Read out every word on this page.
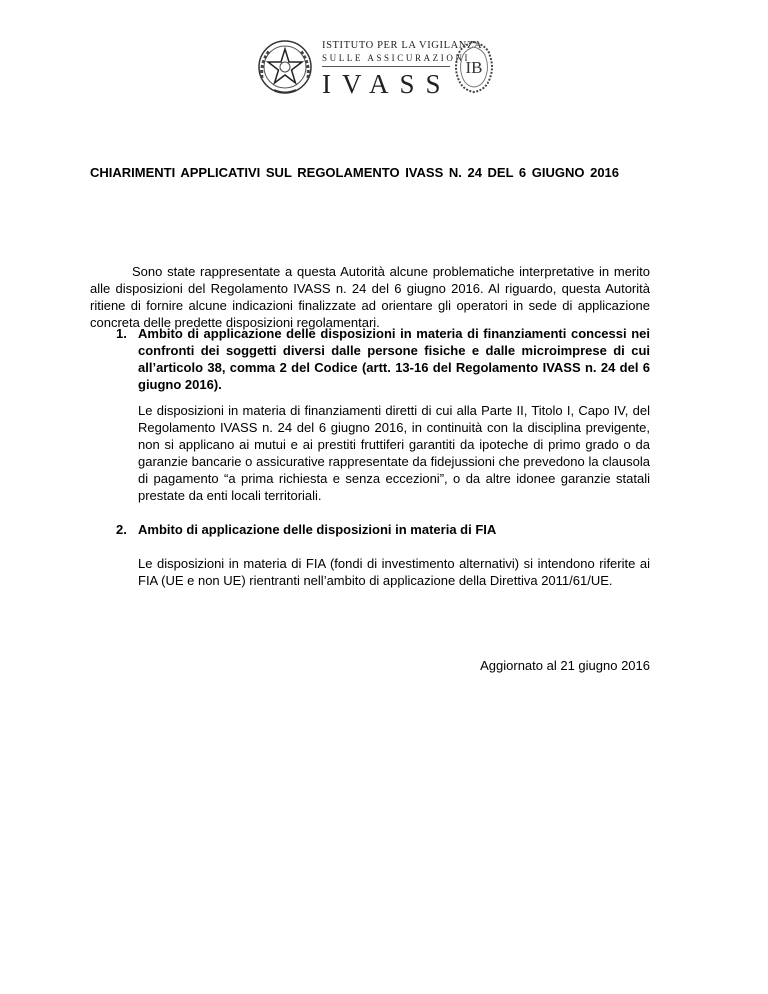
ISTITUTO PER LA VIGILANZA
SULLE ASSICURAZIONI
IVASS
IB
CHIARIMENTI APPLICATIVI SUL REGOLAMENTO IVASS N. 24 DEL 6 GIUGNO 2016
Sono state rappresentate a questa Autorità alcune problematiche interpretative in merito alle disposizioni del Regolamento IVASS n. 24 del 6 giugno 2016. Al riguardo, questa Autorità ritiene di fornire alcune indicazioni finalizzate ad orientare gli operatori in sede di applicazione concreta delle predette disposizioni regolamentari.
1. Ambito di applicazione delle disposizioni in materia di finanziamenti concessi nei confronti dei soggetti diversi dalle persone fisiche e dalle microimprese di cui all’articolo 38, comma 2 del Codice (artt. 13-16 del Regolamento IVASS n. 24 del 6 giugno 2016).
Le disposizioni in materia di finanziamenti diretti di cui alla Parte II, Titolo I, Capo IV, del Regolamento IVASS n. 24 del 6 giugno 2016, in continuità con la disciplina previgente, non si applicano ai mutui e ai prestiti fruttiferi garantiti da ipoteche di primo grado o da garanzie bancarie o assicurative rappresentate da fidejussioni che prevedono la clausola di pagamento “a prima richiesta e senza eccezioni”, o da altre idonee garanzie statali prestate da enti locali territoriali.
2. Ambito di applicazione delle disposizioni in materia di FIA
Le disposizioni in materia di FIA (fondi di investimento alternativi) si intendono riferite ai FIA (UE e non UE) rientranti nell’ambito di applicazione della Direttiva 2011/61/UE.
Aggiornato al 21 giugno 2016
